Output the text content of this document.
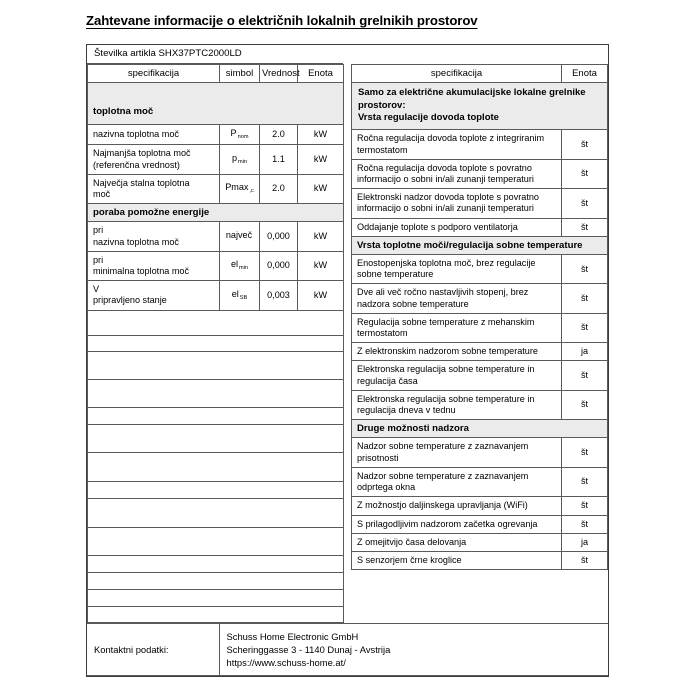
Zahtevane informacije o električnih lokalnih grelnikih prostorov
Številka artikla SHX37PTC2000LD
specifikacija	simbol	Vrednost	Enota
toplotna moč			
nazivna toplotna moč	$P_{nom}$	2.0	kW
Najmanjša toplotna moč
(referenčna vrednost)	$p_{min}$	1.1	kW
Največja stalna toplotna
moč	Pmax$_{,c}$	2.0	kW
poraba pomožne energije			
pri
nazivna toplotna moč	največ	0,000	kW
pri
minimalna toplotna moč	$el_{min}$	0,000	kW
V
pripravljeno stanje	$el_{SB}$	0,003	kW

specifikacija	Enota
Samo za električne akumulacijske lokalne grelnike
prostorov:
Vrsta regulacije dovoda toplote	
Ročna regulacija dovoda toplote z integriranim termostatom	št
Ročna regulacija dovoda toplote s povratno informacijo o sobni in/ali zunanji temperaturi	št
Elektronski nadzor dovoda toplote s povratno informacijo o sobni in/ali zunanji temperaturi	št
Oddajanje toplote s podporo ventilatorja	št
Vrsta toplotne moči/regulacija sobne temperature	
Enostopenjska toplotna moč, brez regulacije sobne temperature	št
Dve ali več ročno nastavljivih stopenj, brez nadzora sobne temperature	št
Regulacija sobne temperature z mehanskim termostatom	št
Z elektronskim nadzorom sobne temperature	ja
Elektronska regulacija sobne temperature in regulacija časa	št
Elektronska regulacija sobne temperature in regulacija dneva v tednu	št
Druge možnosti nadzora	
Nadzor sobne temperature z zaznavanjem prisotnosti	št
Nadzor sobne temperature z zaznavanjem odprtega okna	št
Z možnostjo daljinskega upravljanja (WiFi)	št
S prilagodljivim nadzorom začetka ogrevanja	št
Z omejitvijo časa delovanja	ja
S senzorjem črne kroglice	št
Kontaktni podatki:	Schuss Home Electronic GmbH
Scheringgasse 3 - 1140 Dunaj - Avstrija
https://www.schuss-home.at/
